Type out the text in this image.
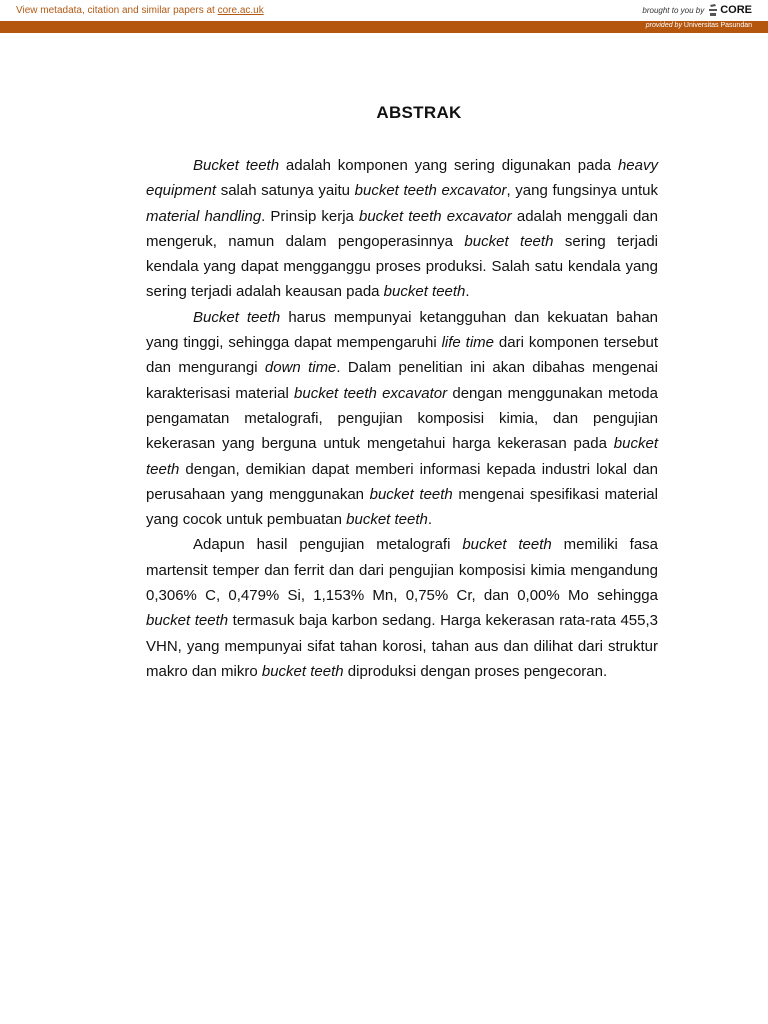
View metadata, citation and similar papers at core.ac.uk	brought to you by CORE
provided by Universitas Pasundan
ABSTRAK

Bucket teeth adalah komponen yang sering digunakan pada heavy equipment salah satunya yaitu bucket teeth excavator, yang fungsinya untuk material handling. Prinsip kerja bucket teeth excavator adalah menggali dan mengeruk, namun dalam pengoperasinnya bucket teeth sering terjadi kendala yang dapat mengganggu proses produksi. Salah satu kendala yang sering terjadi adalah keausan pada bucket teeth.

Bucket teeth harus mempunyai ketangguhan dan kekuatan bahan yang tinggi, sehingga dapat mempengaruhi life time dari komponen tersebut dan mengurangi down time. Dalam penelitian ini akan dibahas mengenai karakterisasi material bucket teeth excavator dengan menggunakan metoda pengamatan metalografi, pengujian komposisi kimia, dan pengujian kekerasan yang berguna untuk mengetahui harga kekerasan pada bucket teeth dengan, demikian dapat memberi informasi kepada industri lokal dan perusahaan yang menggunakan bucket teeth mengenai spesifikasi material yang cocok untuk pembuatan bucket teeth.

Adapun hasil pengujian metalografi bucket teeth memiliki fasa martensit temper dan ferrit dan dari pengujian komposisi kimia mengandung 0,306% C, 0,479% Si, 1,153% Mn, 0,75% Cr, dan 0,00% Mo sehingga bucket teeth termasuk baja karbon sedang. Harga kekerasan rata-rata 455,3 VHN, yang mempunyai sifat tahan korosi, tahan aus dan dilihat dari struktur makro dan mikro bucket teeth diproduksi dengan proses pengecoran.
